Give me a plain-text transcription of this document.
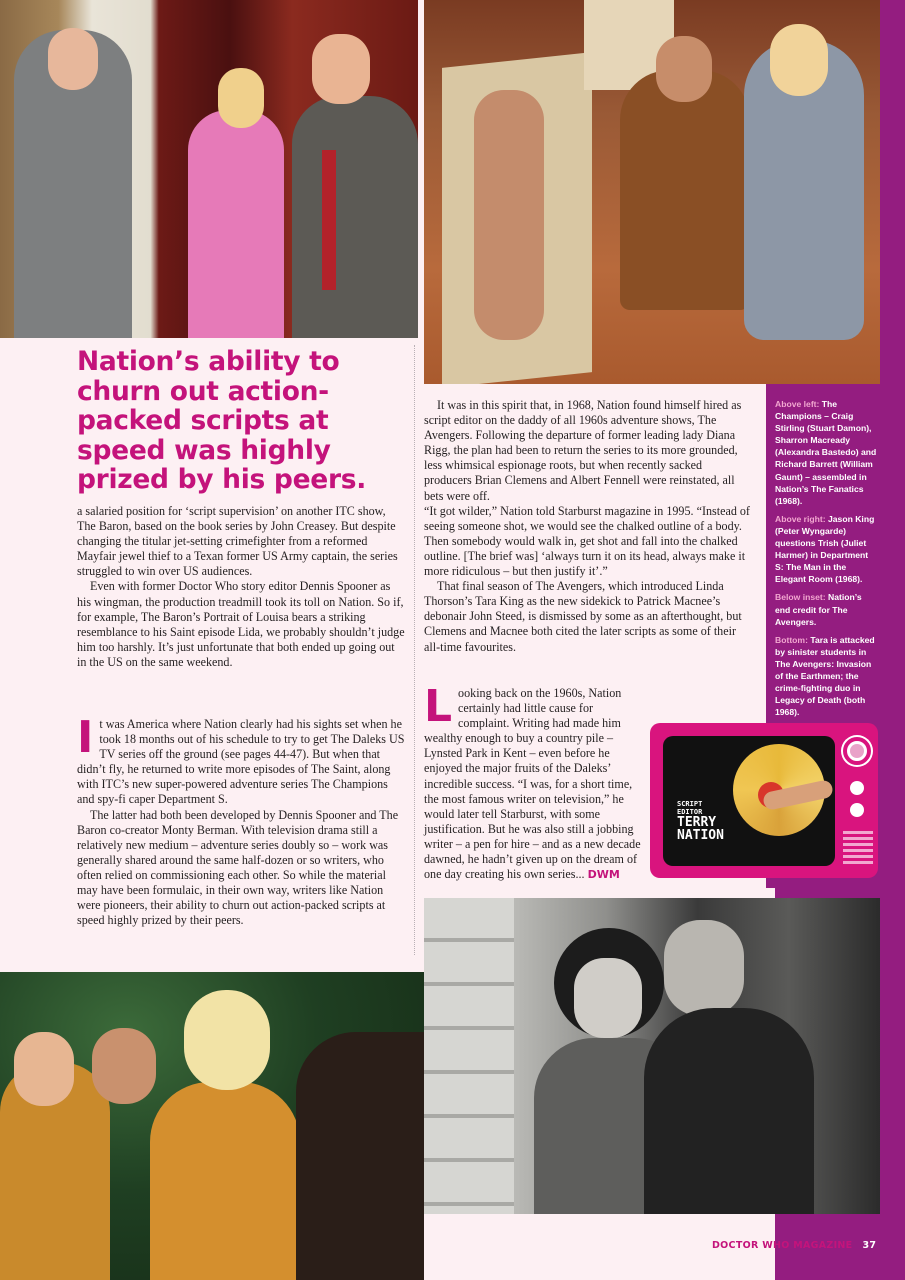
Nation’s ability to churn out action-packed scripts at speed was highly prized by his peers.

a salaried position for ‘script supervision’ on another ITC show, The Baron, based on the book series by John Creasey. But despite changing the titular jet-setting crimefighter from a reformed Mayfair jewel thief to a Texan former US Army captain, the series struggled to win over US audiences.

Even with former Doctor Who story editor Dennis Spooner as his wingman, the production treadmill took its toll on Nation. So if, for example, The Baron’s Portrait of Louisa bears a striking resemblance to his Saint episode Lida, we probably shouldn’t judge him too harshly. It’s just unfortunate that both ended up going out in the US on the same weekend.

It was America where Nation clearly had his sights set when he took 18 months out of his schedule to try to get The Daleks US TV series off the ground (see pages 44-47). But when that didn’t fly, he returned to write more episodes of The Saint, along with ITC’s new super-powered adventure series The Champions and spy-fi caper Department S.

The latter had both been developed by Dennis Spooner and The Baron co-creator Monty Berman. With television drama still a relatively new medium – adventure series doubly so – work was generally shared around the same half-dozen or so writers, who often relied on commissioning each other. So while the material may have been formulaic, in their own way, writers like Nation were pioneers, their ability to churn out action-packed scripts at speed highly prized by their peers.

It was in this spirit that, in 1968, Nation found himself hired as script editor on the daddy of all 1960s adventure shows, The Avengers. Following the departure of former leading lady Diana Rigg, the plan had been to return the series to its more grounded, less whimsical espionage roots, but when recently sacked producers Brian Clemens and Albert Fennell were reinstated, all bets were off.

“It got wilder,” Nation told Starburst magazine in 1995. “Instead of seeing someone shot, we would see the chalked outline of a body. Then somebody would walk in, get shot and fall into the chalked outline. [The brief was] ‘always turn it on its head, always make it more ridiculous – but then justify it’.”

That final season of The Avengers, which introduced Linda Thorson’s Tara King as the new sidekick to Patrick Macnee’s debonair John Steed, is dismissed by some as an afterthought, but Clemens and Macnee both cited the later scripts as some of their all-time favourites.

Looking back on the 1960s, Nation certainly had little cause for complaint. Writing had made him wealthy enough to buy a country pile – Lynsted Park in Kent – even before he enjoyed the major fruits of the Daleks’ incredible success. “I was, for a short time, the most famous writer on television,” he would later tell Starburst, with some justification. But he was also still a jobbing writer – a pen for hire – and as a new decade dawned, he hadn’t given up on the dream of one day creating his own series... DWM

Above left: The Champions – Craig Stirling (Stuart Damon), Sharron Macready (Alexandra Bastedo) and Richard Barrett (William Gaunt) – assembled in Nation’s The Fanatics (1968).
Above right: Jason King (Peter Wyngarde) questions Trish (Juliet Harmer) in Department S: The Man in the Elegant Room (1968).
Below inset: Nation’s end credit for The Avengers.
Bottom: Tara is attacked by sinister students in The Avengers: Invasion of the Earthmen; the crime-fighting duo in Legacy of Death (both 1968).
SCRIPT
EDITOR
TERRY
NATION
DOCTOR WHO MAGAZINE 37
